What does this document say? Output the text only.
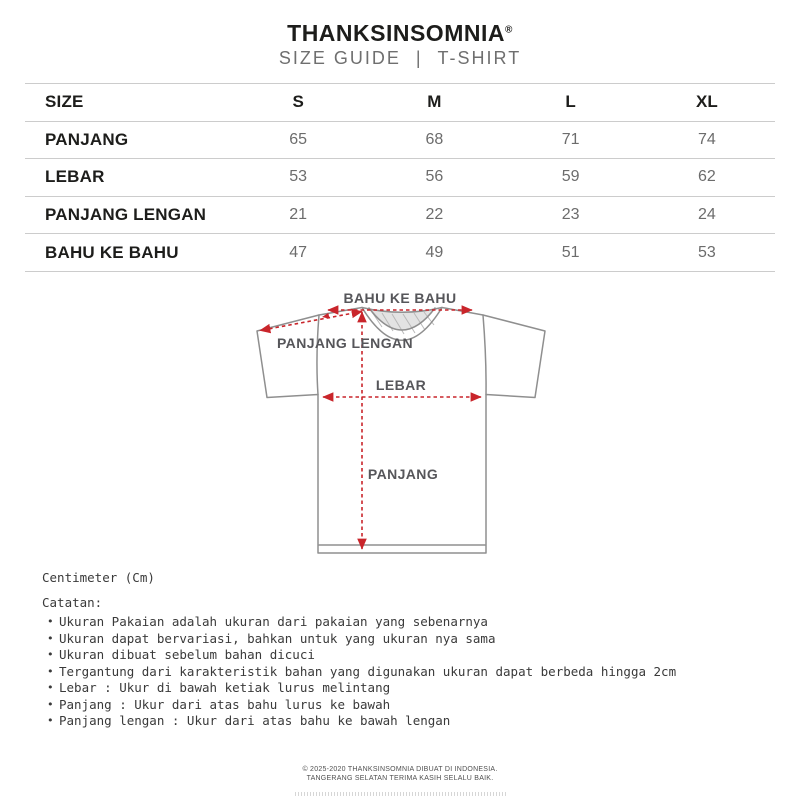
THANKSINSOMNIA®
SIZE GUIDE | T-SHIRT
SIZE	S	M	L	XL
PANJANG	65	68	71	74
LEBAR	53	56	59	62
PANJANG LENGAN	21	22	23	24
BAHU KE BAHU	47	49	51	53
BAHU KE BAHU
PANJANG LENGAN
LEBAR
PANJANG
Centimeter (Cm)
Catatan:
• Ukuran Pakaian adalah ukuran dari pakaian yang sebenarnya
• Ukuran dapat bervariasi, bahkan untuk yang ukuran nya sama
• Ukuran dibuat sebelum bahan dicuci
• Tergantung dari karakteristik bahan yang digunakan ukuran dapat berbeda hingga 2cm
• Lebar : Ukur di bawah ketiak lurus melintang
• Panjang : Ukur dari atas bahu lurus ke bawah
• Panjang lengan : Ukur dari atas bahu ke bawah lengan
© 2025-2020 THANKSINSOMNIA DIBUAT DI INDONESIA.
TANGERANG SELATAN TERIMA KASIH SELALU BAIK.
